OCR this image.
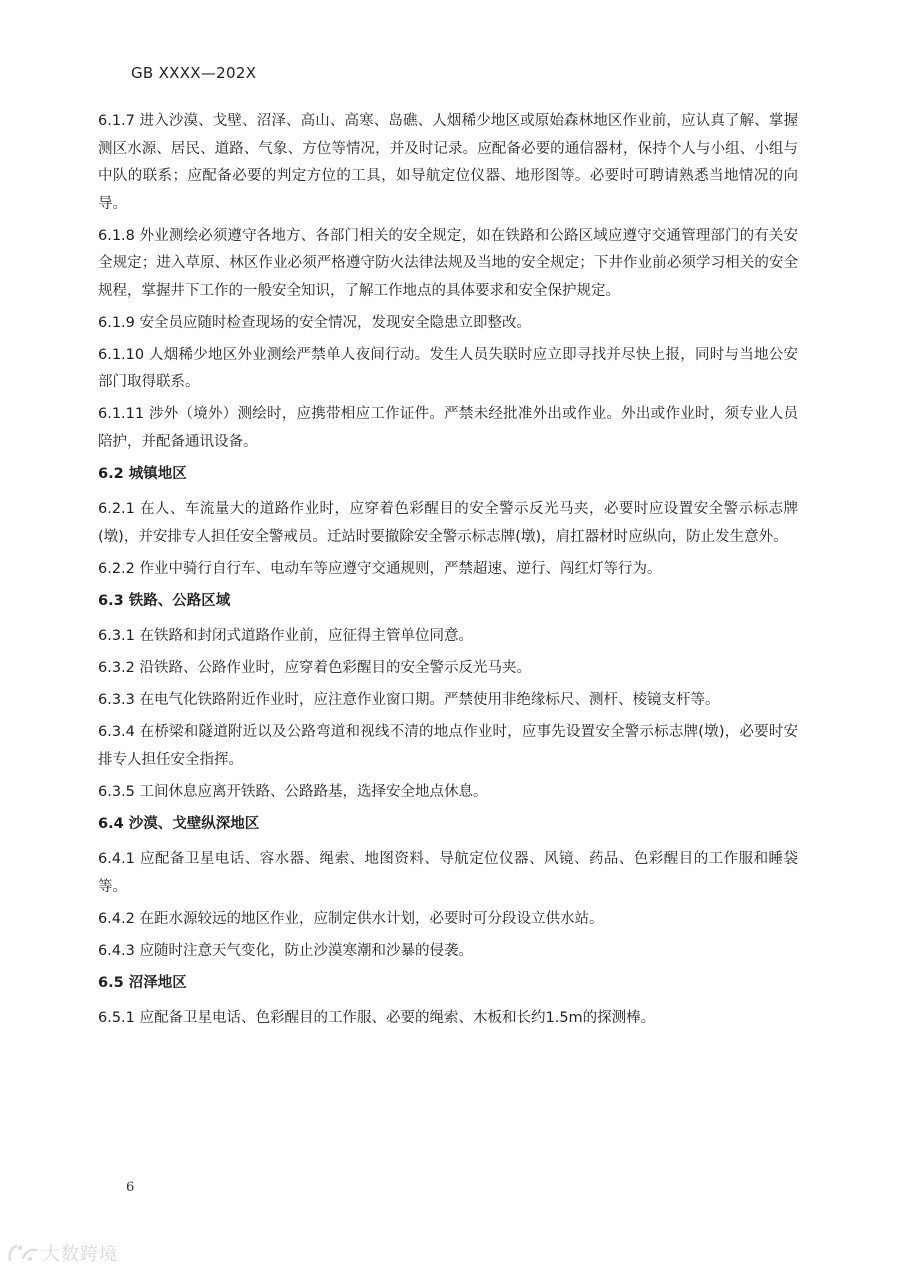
GB XXXX—202X

6.1.7 进入沙漠、戈壁、沼泽、高山、高寒、岛礁、人烟稀少地区或原始森林地区作业前，应认真了解、掌握测区水源、居民、道路、气象、方位等情况，并及时记录。应配备必要的通信器材，保持个人与小组、小组与中队的联系；应配备必要的判定方位的工具，如导航定位仪器、地形图等。必要时可聘请熟悉当地情况的向导。

6.1.8 外业测绘必须遵守各地方、各部门相关的安全规定，如在铁路和公路区域应遵守交通管理部门的有关安全规定；进入草原、林区作业必须严格遵守防火法律法规及当地的安全规定；下井作业前必须学习相关的安全规程，掌握井下工作的一般安全知识，了解工作地点的具体要求和安全保护规定。

6.1.9 安全员应随时检查现场的安全情况，发现安全隐患立即整改。

6.1.10 人烟稀少地区外业测绘严禁单人夜间行动。发生人员失联时应立即寻找并尽快上报，同时与当地公安部门取得联系。

6.1.11 涉外（境外）测绘时，应携带相应工作证件。严禁未经批准外出或作业。外出或作业时，须专业人员陪护，并配备通讯设备。

6.2 城镇地区

6.2.1 在人、车流量大的道路作业时，应穿着色彩醒目的安全警示反光马夹，必要时应设置安全警示标志牌(墩)，并安排专人担任安全警戒员。迁站时要撤除安全警示标志牌(墩)，肩扛器材时应纵向，防止发生意外。

6.2.2 作业中骑行自行车、电动车等应遵守交通规则，严禁超速、逆行、闯红灯等行为。

6.3 铁路、公路区域

6.3.1 在铁路和封闭式道路作业前，应征得主管单位同意。

6.3.2 沿铁路、公路作业时，应穿着色彩醒目的安全警示反光马夹。

6.3.3 在电气化铁路附近作业时，应注意作业窗口期。严禁使用非绝缘标尺、测杆、棱镜支杆等。

6.3.4 在桥梁和隧道附近以及公路弯道和视线不清的地点作业时，应事先设置安全警示标志牌(墩)，必要时安排专人担任安全指挥。

6.3.5 工间休息应离开铁路、公路路基，选择安全地点休息。

6.4 沙漠、戈壁纵深地区

6.4.1 应配备卫星电话、容水器、绳索、地图资料、导航定位仪器、风镜、药品、色彩醒目的工作服和睡袋等。

6.4.2 在距水源较远的地区作业，应制定供水计划，必要时可分段设立供水站。

6.4.3 应随时注意天气变化，防止沙漠寒潮和沙暴的侵袭。

6.5 沼泽地区

6.5.1 应配备卫星电话、色彩醒目的工作服、必要的绳索、木板和长约1.5m的探测棒。

6
大数跨境
